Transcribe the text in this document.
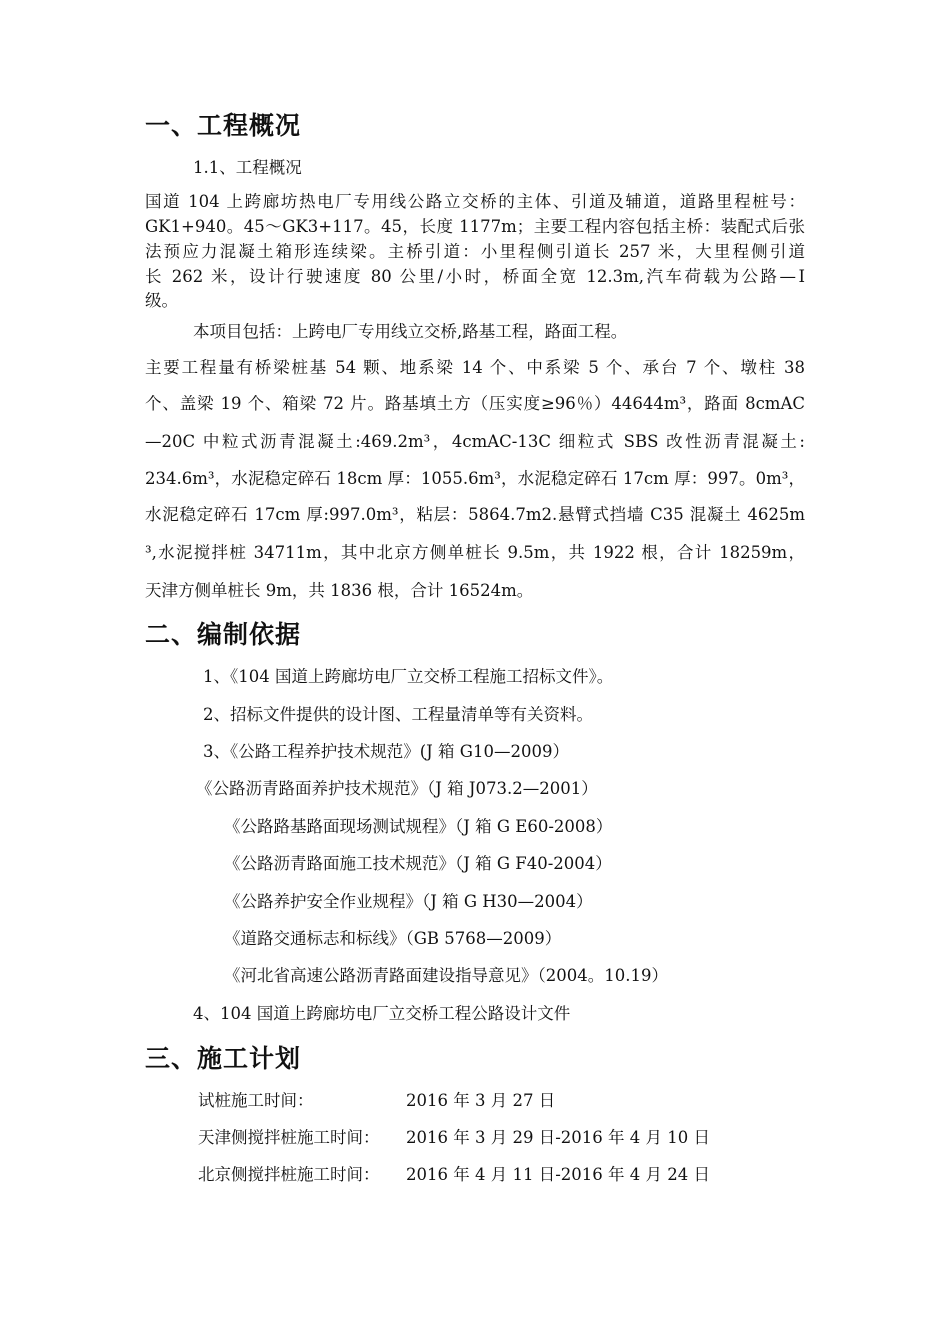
一、工程概况
1.1、工程概况
国道 104 上跨廊坊热电厂专用线公路立交桥的主体、引道及辅道，道路里程桩号：
GK1+940。45～GK3+117。45，长度 1177m；主要工程内容包括主桥：装配式后张
法预应力混凝土箱形连续梁。主桥引道：小里程侧引道长 257 米，大里程侧引道
长 262 米，设计行驶速度 80 公里/小时，桥面全宽 12.3m,汽车荷载为公路—Ⅰ
级。
本项目包括：上跨电厂专用线立交桥,路基工程，路面工程。
主要工程量有桥梁桩基 54 颗、地系梁 14 个、中系梁 5 个、承台 7 个、墩柱 38
个、盖梁 19 个、箱梁 72 片。路基填土方（压实度≥96％）44644m³，路面 8cmAC
—20C 中粒式沥青混凝土:469.2m³，4cmAC-13C 细粒式 SBS 改性沥青混凝土:
234.6m³，水泥稳定碎石 18cm 厚：1055.6m³，水泥稳定碎石 17cm 厚：997。0m³，
水泥稳定碎石 17cm 厚:997.0m³，粘层：5864.7m2.悬臂式挡墙 C35 混凝土 4625m
³,水泥搅拌桩 34711m，其中北京方侧单桩长 9.5m，共 1922 根，合计 18259m，
天津方侧单桩长 9m，共 1836 根，合计 16524m。
二、编制依据
1、《104 国道上跨廊坊电厂立交桥工程施工招标文件》。
2、招标文件提供的设计图、工程量清单等有关资料。
3、《公路工程养护技术规范》(J 箱 G10—2009）
《公路沥青路面养护技术规范》（J 箱 J073.2—2001）
《公路路基路面现场测试规程》（J 箱 G E60-2008）
《公路沥青路面施工技术规范》（J 箱 G F40-2004）
《公路养护安全作业规程》（J 箱 G H30—2004）
《道路交通标志和标线》（GB 5768—2009）
《河北省高速公路沥青路面建设指导意见》（2004。10.19）
4、104 国道上跨廊坊电厂立交桥工程公路设计文件
三、施工计划
试桩施工时间：	2016 年 3 月 27 日
天津侧搅拌桩施工时间： 2016 年 3 月 29 日-2016 年 4 月 10 日
北京侧搅拌桩施工时间： 2016 年 4 月 11 日-2016 年 4 月 24 日
